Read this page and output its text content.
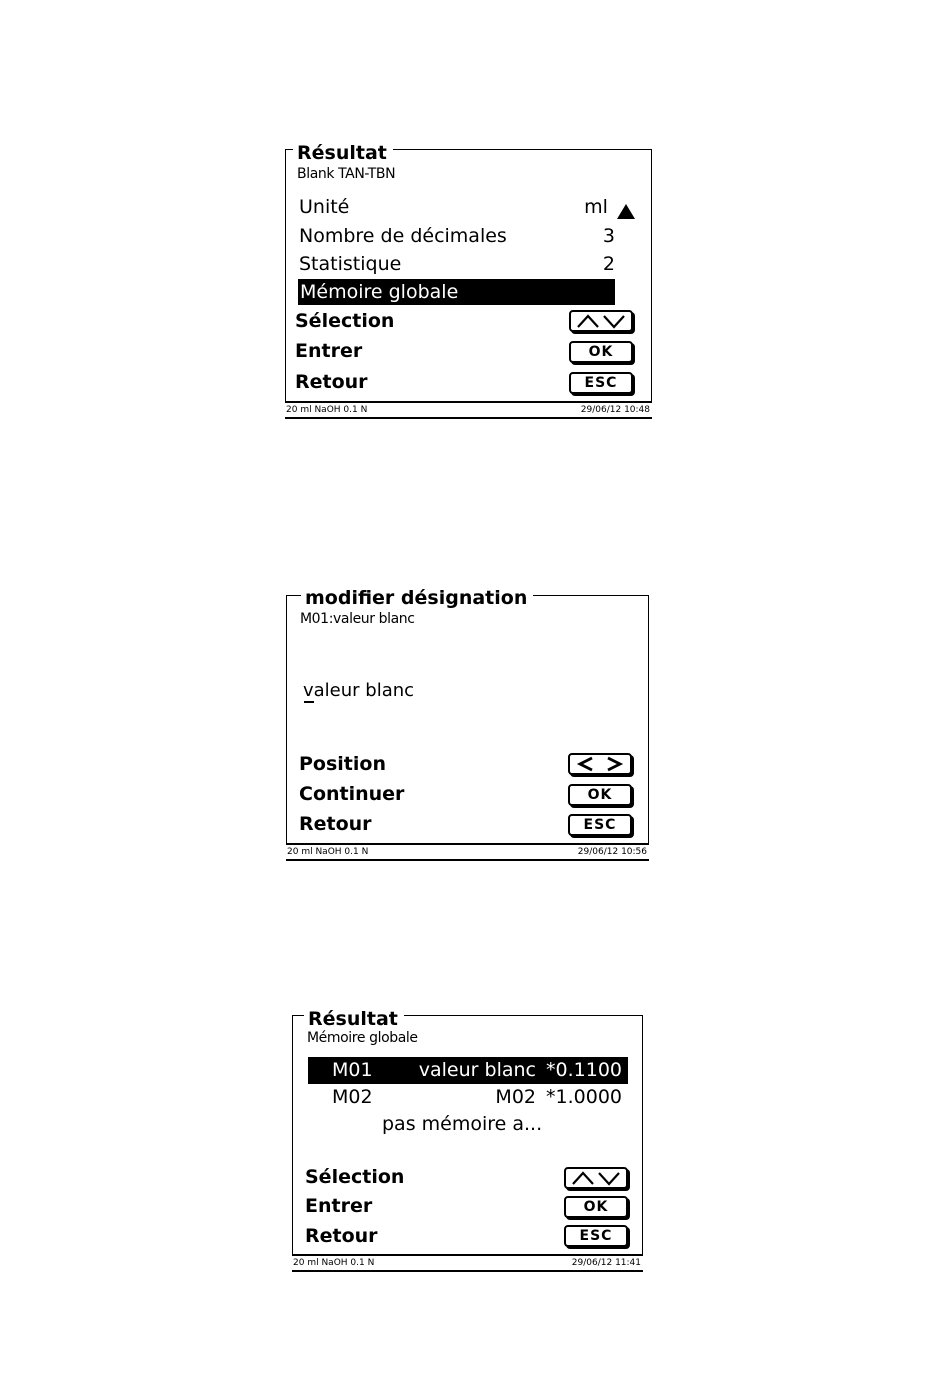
Résultat
Blank TAN-TBN
Unité	ml
Nombre de décimales	3
Statistique	2
Mémoire globale
Sélection
Entrer	OK
Retour	ESC
20 ml NaOH 0.1 N	29/06/12 10:48
modifier désignation
M01:valeur blanc
valeur blanc
Position
Continuer	OK
Retour	ESC
20 ml NaOH 0.1 N	29/06/12 10:56
Résultat
Mémoire globale
M01 valeur blanc *0.1100
M02	M02 *1.0000
pas mémoire a...
Sélection
Entrer	OK
Retour	ESC
20 ml NaOH 0.1 N	29/06/12 11:41
